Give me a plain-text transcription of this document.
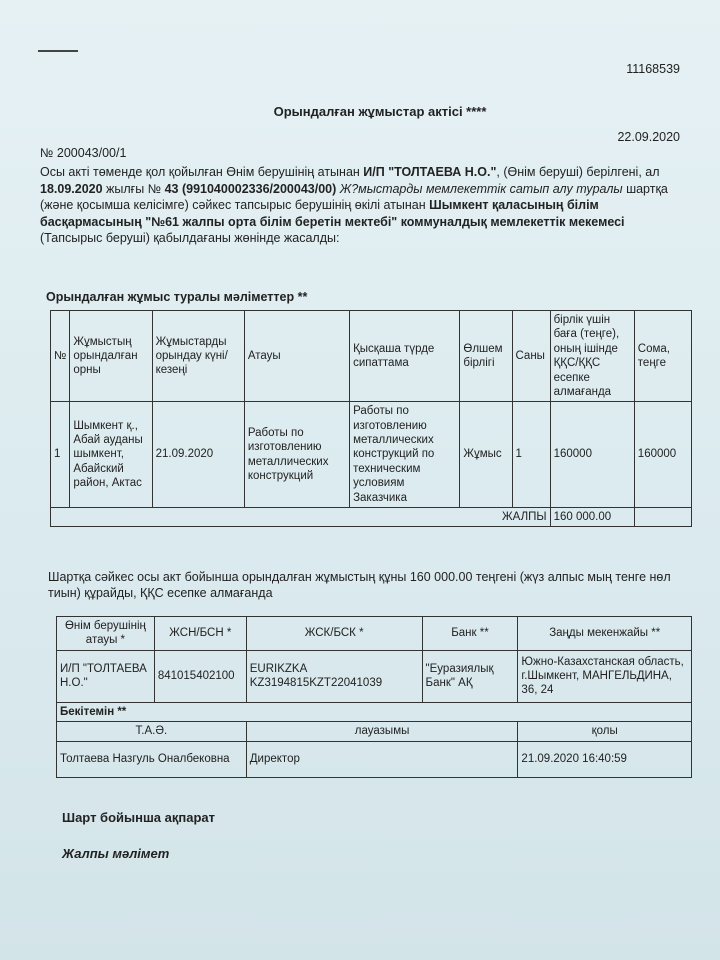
11168539
Орындалған жұмыстар актісі ****
22.09.2020
№ 200043/00/1
Осы акті төменде қол қойылған Өнім берушінің атынан И/П "ТОЛТАЕВА Н.О.", (Өнім беруші) берілгені, ал 18.09.2020 жылғы № 43 (991040002336/200043/00) Ж?мыстарды мемлекеттік сатып алу туралы шартқа (және қосымша келісімге) сәйкес тапсырыс берушінің өкілі атынан Шымкент қаласының білім басқармасының "№61 жалпы орта білім беретін мектебі" коммуналдық мемлекеттік мекемесі (Тапсырыс беруші) қабылдағаны жөнінде жасалды:
Орындалған жұмыс туралы мәліметтер **
№	Жұмыстың орындалған орны	Жұмыстарды орындау күні/кезеңі	Атауы	Қысқаша түрде сипаттама	Өлшем бірлігі	Саны	бірлік үшін баға (теңге), оның ішінде ҚҚС/ҚҚС есепке алмағанда	Сома, теңге
1	Шымкент қ., Абай ауданы шымкент, Абайский район, Актас	21.09.2020	Работы по изготовлению металлических конструкций	Работы по изготовлению металлических конструкций по техническим условиям Заказчика	Жұмыс	1	160000	160000
ЖАЛПЫ							160 000.00	
Шартқа сәйкес осы акт бойынша орындалған жұмыстың құны 160 000.00 теңгені (жүз алпыс мың тенге нөл тиын) құрайды, ҚҚС есепке алмағанда
Өнім берушінің атауы *	ЖСН/БСН *	ЖСК/БСК *	Банк **	Заңды мекенжайы **
И/П "ТОЛТАЕВА Н.О."	841015402100	EURIKZKA KZ3194815KZT22041039	"Еуразиялық Банк" АҚ	Южно-Казахстанская область, г.Шымкент, МАНГЕЛЬДИНА, 36, 24
Бекітемін **				
Т.А.Ә.		лауазымы		қолы
Толтаева Назгуль Оналбековна		Директор		21.09.2020 16:40:59
Шарт бойынша ақпарат
Жалпы мәлімет
